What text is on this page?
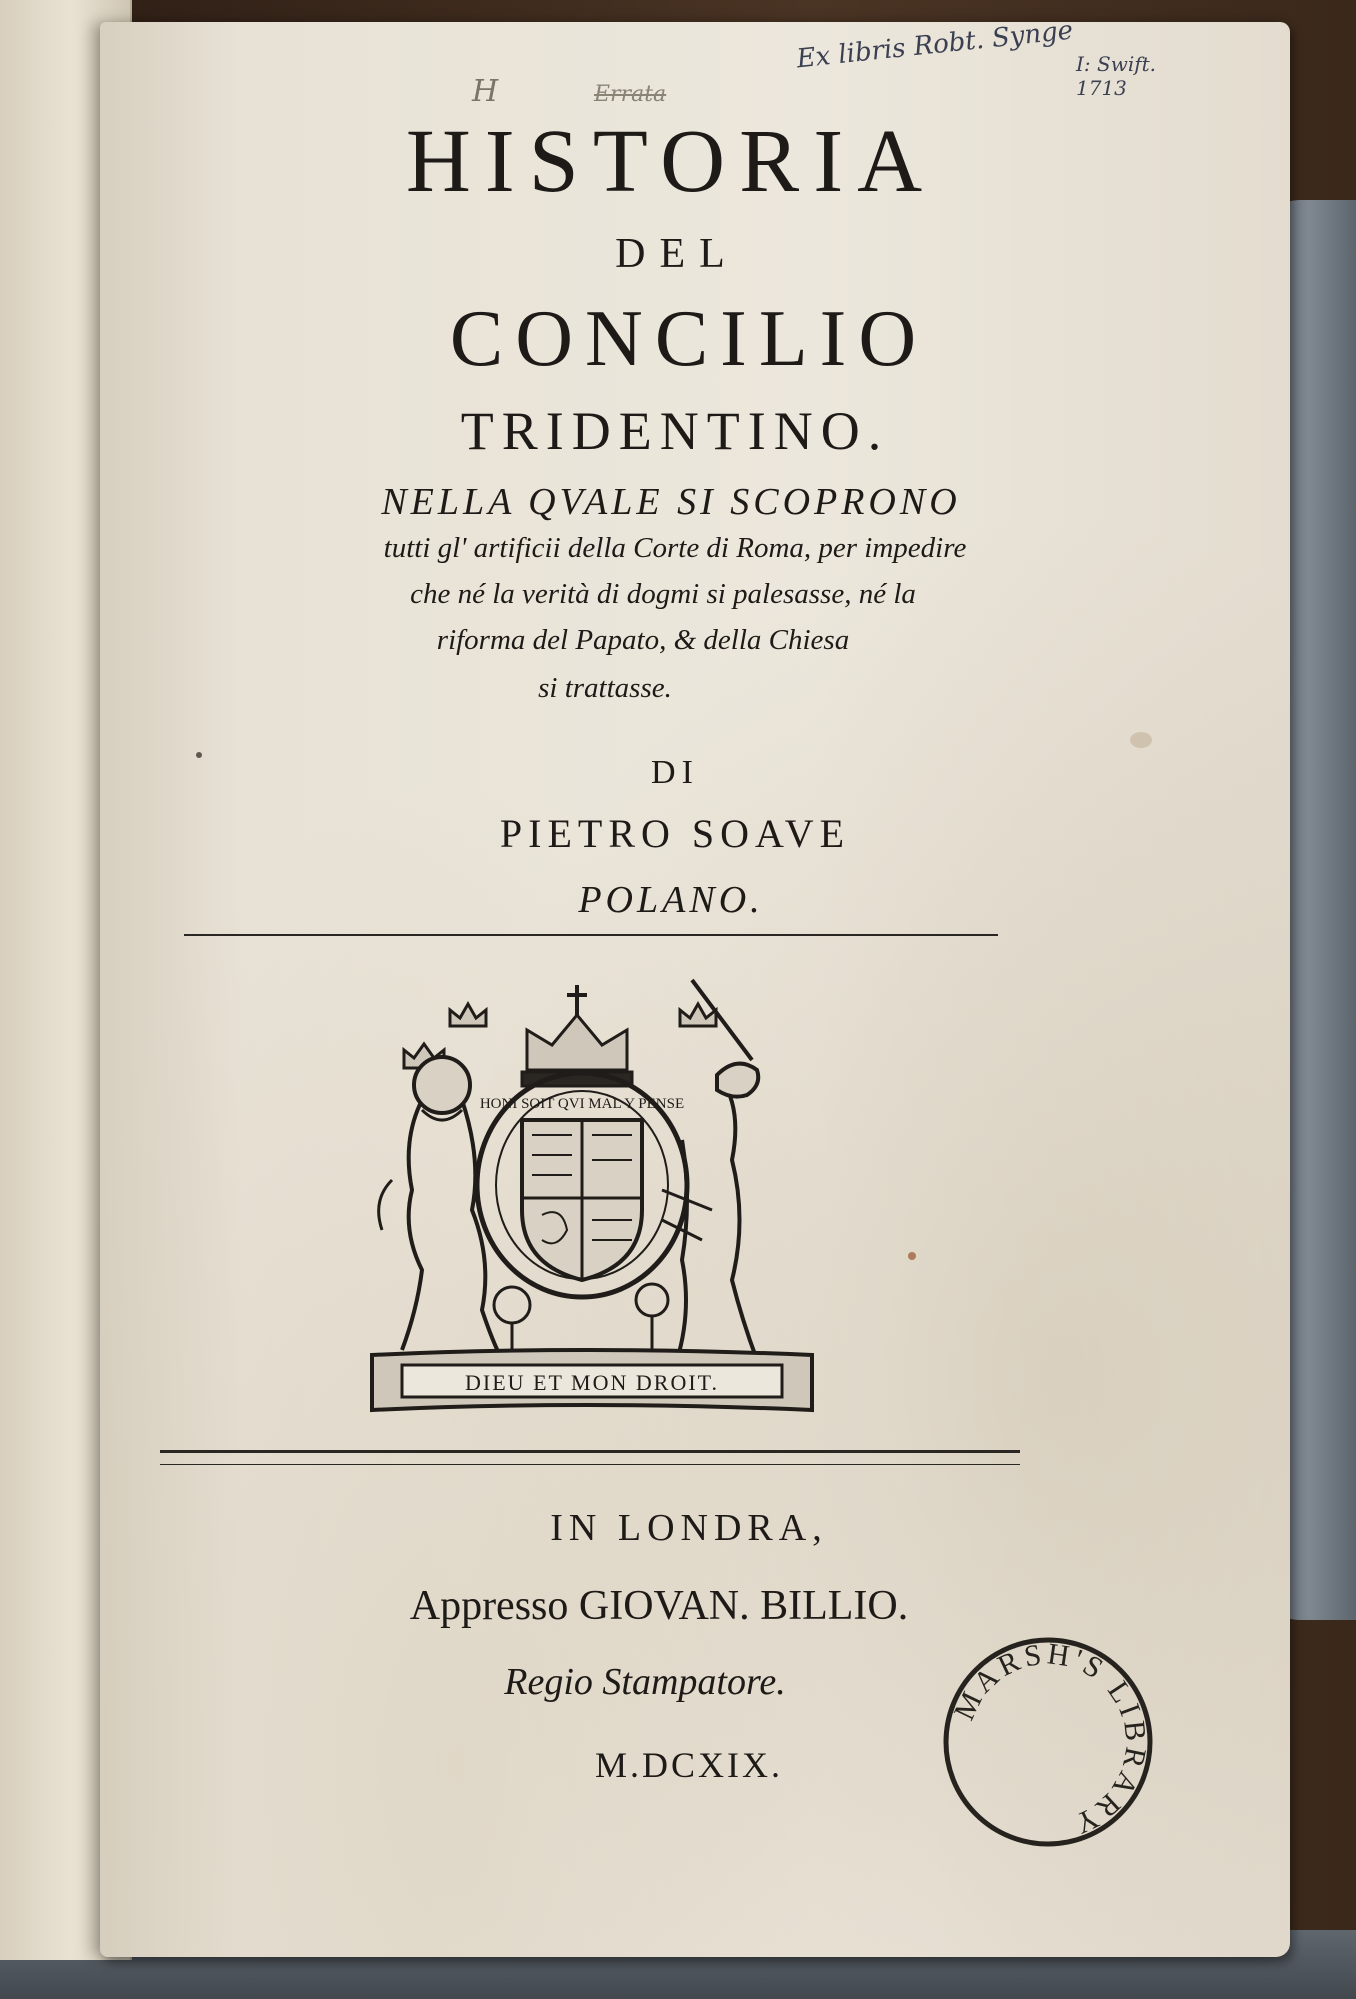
Ex libris Robt. Synge I: Swift.
1713
H	Errata
HISTORIA
DEL
CONCILIO
TRIDENTINO.
NELLA QVALE SI SCOPRONO
tutti gl' artificii della Corte di Roma, per impedire
che né la verità di dogmi si palesasse, né la
riforma del Papato, & della Chiesa
si trattasse.
DI
PIETRO SOAVE
POLANO.
HONI SOIT QVI MAL Y PENSE
DIEU ET MON DROIT.
IN LONDRA,
Appresso GIOVAN. BILLIO.
Regio Stampatore.
M.DCXIX.
MARSH'S LIBRARY
